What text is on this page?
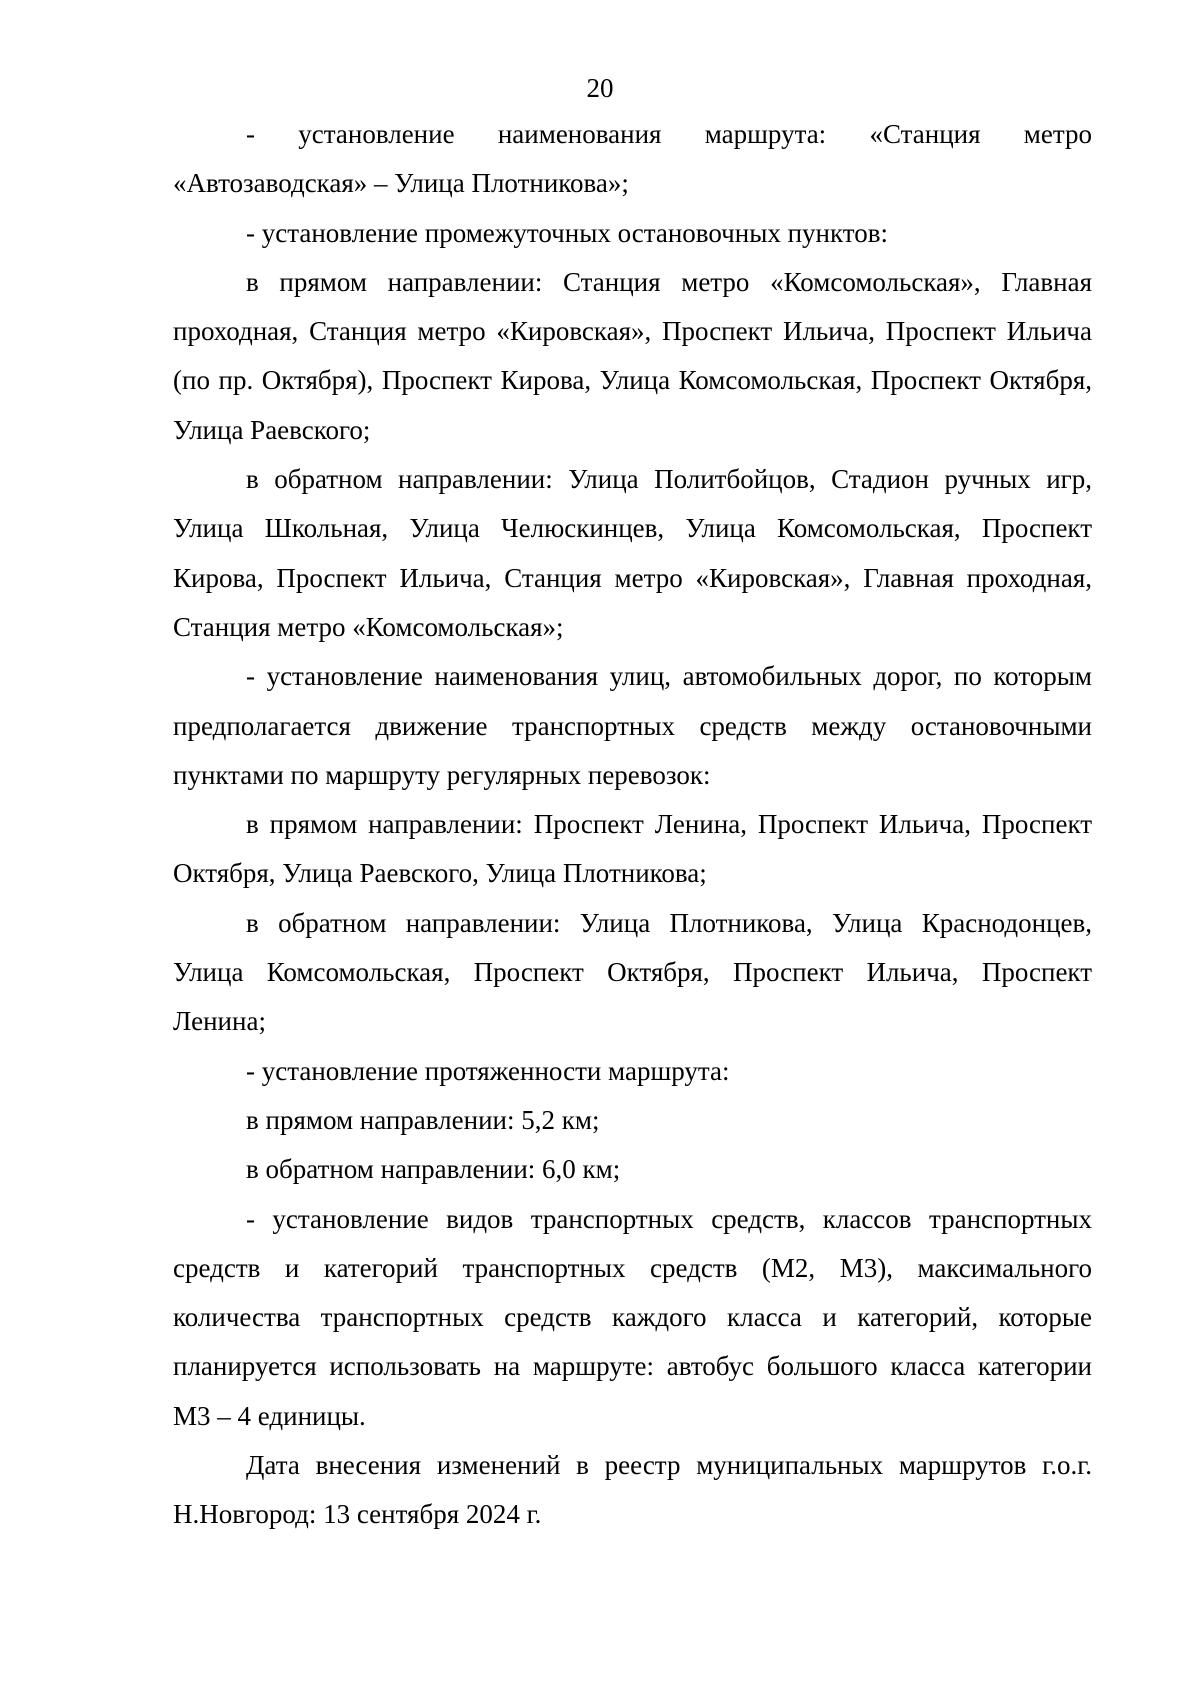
20

- установление наименования маршрута: «Станция метро «Автозаводская» – Улица Плотникова»;

- установление промежуточных остановочных пунктов:

в прямом направлении: Станция метро «Комсомольская», Главная проходная, Станция метро «Кировская», Проспект Ильича, Проспект Ильича (по пр. Октября), Проспект Кирова, Улица Комсомольская, Проспект Октября, Улица Раевского;

в обратном направлении: Улица Политбойцов, Стадион ручных игр, Улица Школьная, Улица Челюскинцев, Улица Комсомольская, Проспект Кирова, Проспект Ильича, Станция метро «Кировская», Главная проходная, Станция метро «Комсомольская»;

- установление наименования улиц, автомобильных дорог, по которым предполагается движение транспортных средств между остановочными пунктами по маршруту регулярных перевозок:

в прямом направлении: Проспект Ленина, Проспект Ильича, Проспект Октября, Улица Раевского, Улица Плотникова;

в обратном направлении: Улица Плотникова, Улица Краснодонцев, Улица Комсомольская, Проспект Октября, Проспект Ильича, Проспект Ленина;

- установление протяженности маршрута:

в прямом направлении: 5,2 км;

в обратном направлении: 6,0 км;

- установление видов транспортных средств, классов транспортных средств и категорий транспортных средств (М2, М3), максимального количества транспортных средств каждого класса и категорий, которые планируется использовать на маршруте: автобус большого класса категории М3 – 4 единицы.

Дата внесения изменений в реестр муниципальных маршрутов г.о.г. Н.Новгород: 13 сентября 2024 г.
